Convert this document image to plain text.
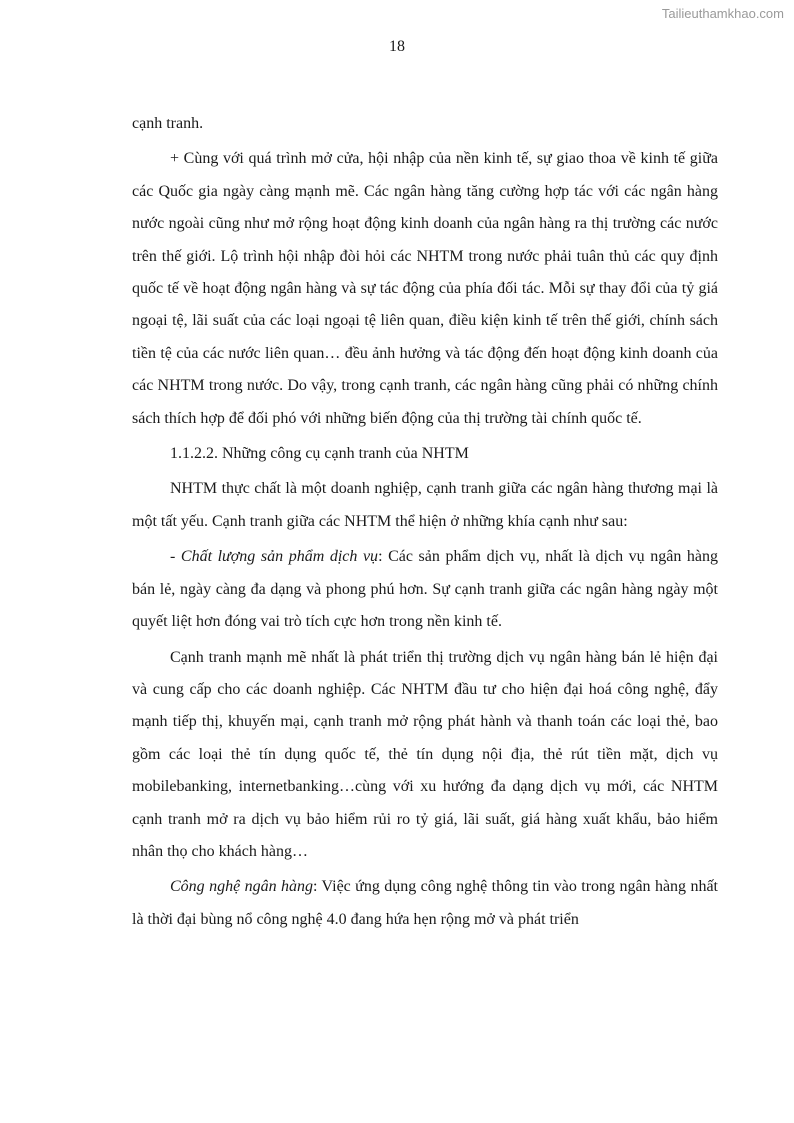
Tailieuthamkhao.com
18

cạnh tranh.

+ Cùng với quá trình mở cửa, hội nhập của nền kinh tế, sự giao thoa về kinh tế giữa các Quốc gia ngày càng mạnh mẽ. Các ngân hàng tăng cường hợp tác với các ngân hàng nước ngoài cũng như mở rộng hoạt động kinh doanh của ngân hàng ra thị trường các nước trên thế giới. Lộ trình hội nhập đòi hỏi các NHTM trong nước phải tuân thủ các quy định quốc tế về hoạt động ngân hàng và sự tác động của phía đối tác. Mỗi sự thay đổi của tỷ giá ngoại tệ, lãi suất của các loại ngoại tệ liên quan, điều kiện kinh tế trên thế giới, chính sách tiền tệ của các nước liên quan… đều ảnh hưởng và tác động đến hoạt động kinh doanh của các NHTM trong nước. Do vậy, trong cạnh tranh, các ngân hàng cũng phải có những chính sách thích hợp để đối phó với những biến động của thị trường tài chính quốc tế.

1.1.2.2. Những công cụ cạnh tranh của NHTM

NHTM thực chất là một doanh nghiệp, cạnh tranh giữa các ngân hàng thương mại là một tất yếu. Cạnh tranh giữa các NHTM thể hiện ở những khía cạnh như sau:

- Chất lượng sản phẩm dịch vụ: Các sản phẩm dịch vụ, nhất là dịch vụ ngân hàng bán lẻ, ngày càng đa dạng và phong phú hơn. Sự cạnh tranh giữa các ngân hàng ngày một quyết liệt hơn đóng vai trò tích cực hơn trong nền kinh tế.

Cạnh tranh mạnh mẽ nhất là phát triển thị trường dịch vụ ngân hàng bán lẻ hiện đại và cung cấp cho các doanh nghiệp. Các NHTM đầu tư cho hiện đại hoá công nghệ, đẩy mạnh tiếp thị, khuyến mại, cạnh tranh mở rộng phát hành và thanh toán các loại thẻ, bao gồm các loại thẻ tín dụng quốc tế, thẻ tín dụng nội địa, thẻ rút tiền mặt, dịch vụ mobilebanking, internetbanking…cùng với xu hướng đa dạng dịch vụ mới, các NHTM cạnh tranh mở ra dịch vụ bảo hiểm rủi ro tỷ giá, lãi suất, giá hàng xuất khẩu, bảo hiểm nhân thọ cho khách hàng…

Công nghệ ngân hàng: Việc ứng dụng công nghệ thông tin vào trong ngân hàng nhất là thời đại bùng nổ công nghệ 4.0 đang hứa hẹn rộng mở và phát triển
